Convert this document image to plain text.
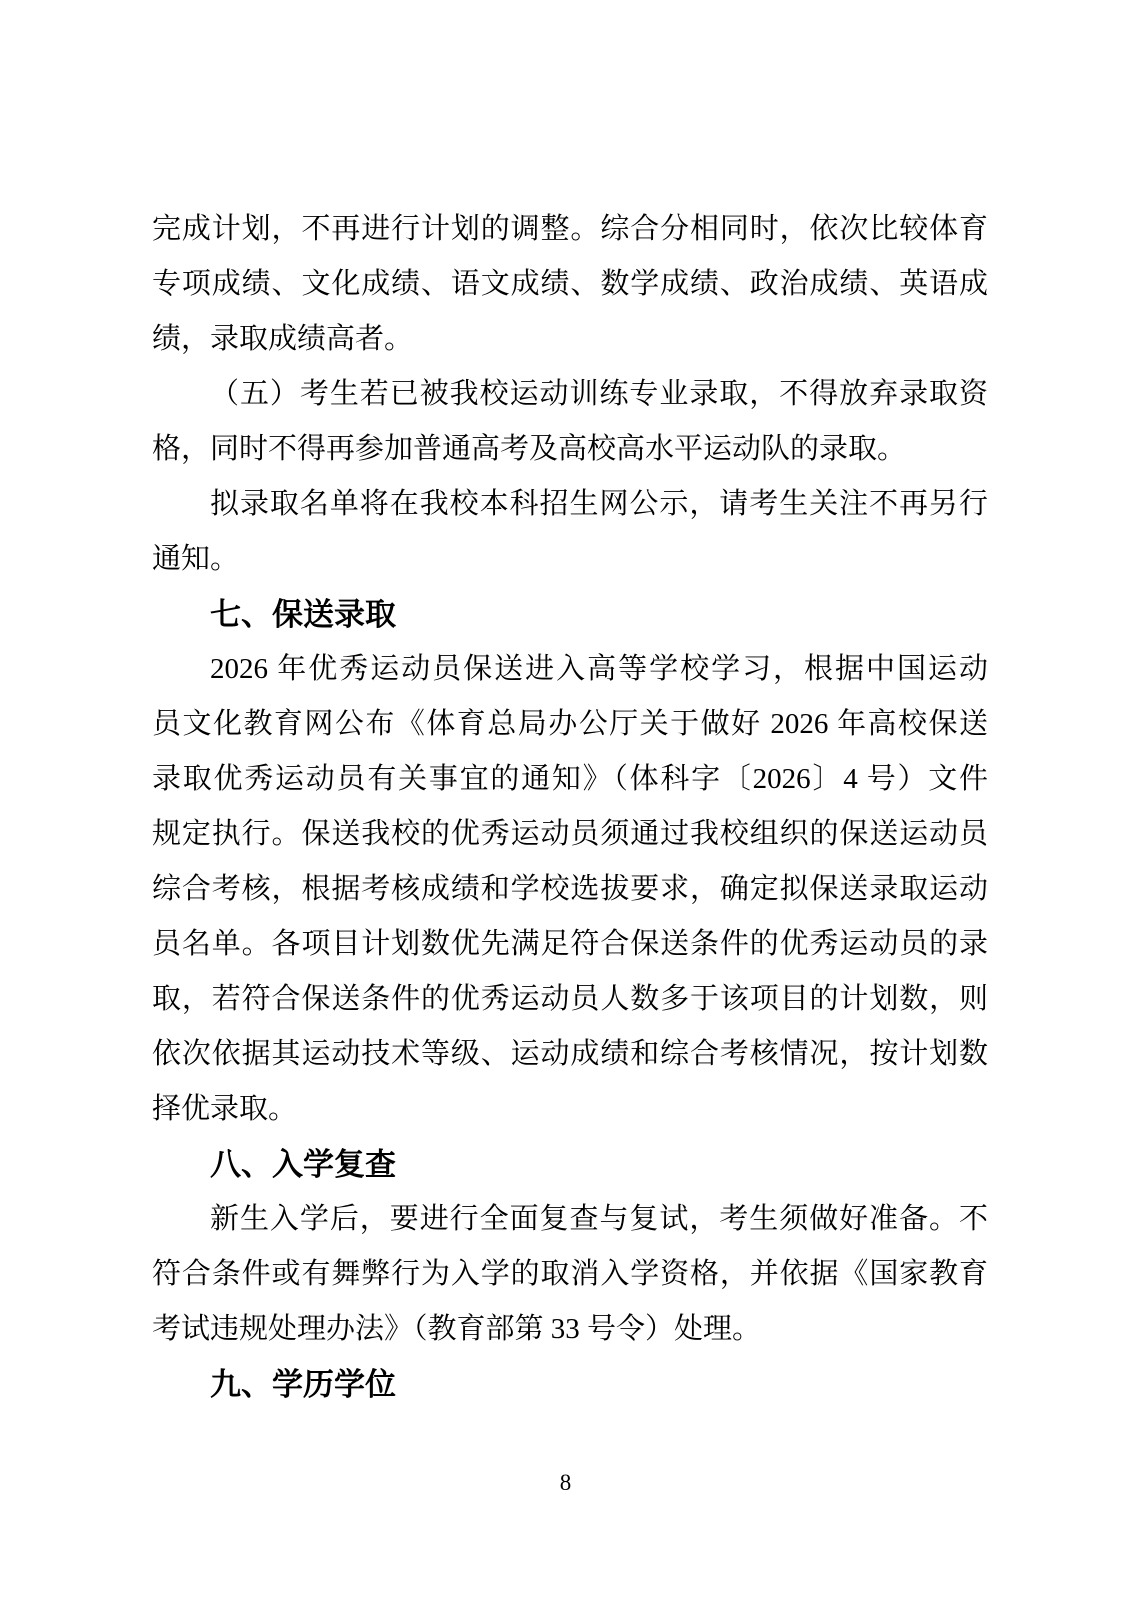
完成计划，不再进行计划的调整。综合分相同时，依次比较体育
专项成绩、文化成绩、语文成绩、数学成绩、政治成绩、英语成
绩，录取成绩高者。
（五）考生若已被我校运动训练专业录取，不得放弃录取资
格，同时不得再参加普通高考及高校高水平运动队的录取。
拟录取名单将在我校本科招生网公示，请考生关注不再另行
通知。
七、保送录取
2026 年优秀运动员保送进入高等学校学习，根据中国运动
员文化教育网公布《体育总局办公厅关于做好 2026 年高校保送
录取优秀运动员有关事宜的通知》（体科字〔2026〕4 号）文件
规定执行。保送我校的优秀运动员须通过我校组织的保送运动员
综合考核，根据考核成绩和学校选拔要求，确定拟保送录取运动
员名单。各项目计划数优先满足符合保送条件的优秀运动员的录
取，若符合保送条件的优秀运动员人数多于该项目的计划数，则
依次依据其运动技术等级、运动成绩和综合考核情况，按计划数
择优录取。
八、入学复查
新生入学后，要进行全面复查与复试，考生须做好准备。不
符合条件或有舞弊行为入学的取消入学资格，并依据《国家教育
考试违规处理办法》（教育部第 33 号令）处理。
九、学历学位
8
